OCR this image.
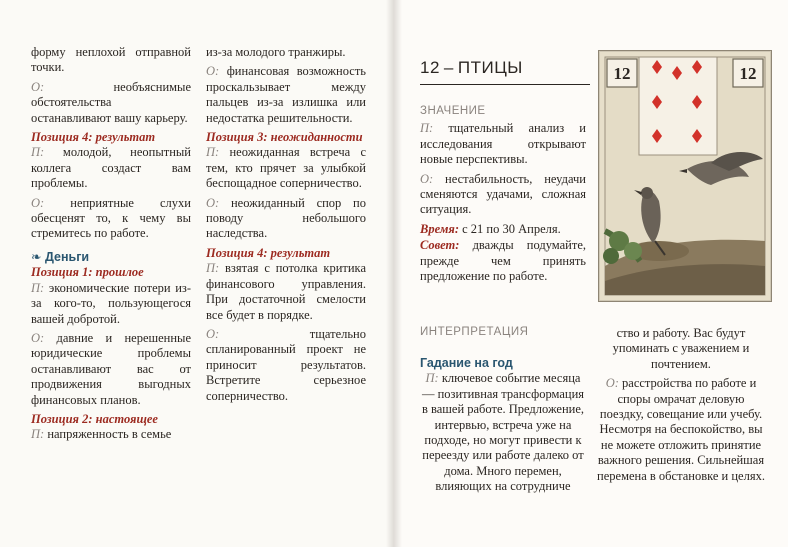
форму неплохой отправной точки.

О:	необъяснимые обстоятельства останавливают вашу карьеру.

Позиция 4: результат

П: молодой, неопытный коллега создаст вам проблемы.

О: неприятные слухи обесценят то, к чему вы стремитесь по работе.

❧ Деньги
Позиция 1: прошлое

П: экономические потери из-за кого-то, пользующегося вашей добротой.

О: давние и нерешенные юридические проблемы останавливают вас от продвижения выгодных финансовых планов.

Позиция 2: настоящее

П: напряженность в семье

из-за молодого транжиры.

О: финансовая возможность проскальзывает между пальцев из-за излишка или недостатка решительности.

Позиция 3: неожиданности

П: неожиданная встреча с тем, кто прячет за улыбкой беспощадное соперничество.

О: неожиданный спор по поводу небольшого наследства.

Позиция 4: результат

П: взятая с потолка критика финансового управления. При достаточной смелости все будет в порядке.

О:	тщательно спланированный проект не приносит результатов. Встретите серьезное соперничество.

12 – ПТИЦЫ
ЗНАЧЕНИЕ

П: тщательный анализ и исследования открывают новые перспективы.

О: нестабильность, неудачи сменяются удачами, сложная ситуация.

Время: с 21 по 30 Апреля.

Совет: дважды подумайте, прежде чем принять предложение по работе.

12	12
ИНТЕРПРЕТАЦИЯ
Гадание на год

П: ключевое событие месяца — позитивная трансформация в вашей работе. Предложение, интервью, встреча уже на подходе, но могут привести к переезду или работе далеко от дома. Много перемен, влияющих на сотрудниче

ство и работу. Вас будут упоминать с уважением и почтением.

О: расстройства по работе и споры омрачат деловую поездку, совещание или учебу. Несмотря на беспокойство, вы не можете отложить принятие важного решения. Сильнейшая перемена в обстановке и целях.
